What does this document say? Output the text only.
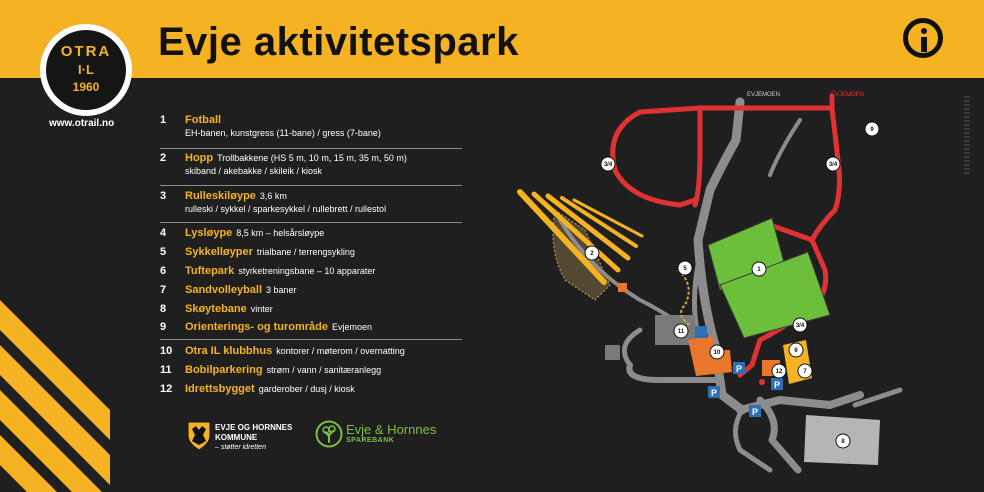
Evje aktivitetspark
OTRA
I·L
1960
www.otrail.no	1	Fotball
EH-banen, kunstgress (11-bane) / gress (7-bane)
2	Hopp Trollbakkene (HS 5 m, 10 m, 15 m, 35 m, 50 m)
skiband / akebakke / skileik / kiosk
3	Rulleskiløype 3,6 km
rulleski / sykkel / sparkesykkel / rullebrett / rullestol
4	Lysløype 8,5 km – helsårsløype
5	Sykkelløyper trialbane / terrengsykling
6	Tuftepark styrketreningsbane – 10 apparater
7	Sandvolleyball 3 baner
8	Skøytebane vinter
9	Orienterings- og turområde Evjemoen
10	Otra IL klubbhus kontorer / møterom / overnatting
11	Bobilparkering strøm / vann / sanitæranlegg
12	Idrettsbygget garderober / dusj / kiosk
EVJE OG HORNNES
KOMMUNE
– støtter idretten
Evje & Hornnes
SPAREBANK
P
P
P
P
3/4	3/4
3/4
1
2
5
6
7
8
9
10
11
12
EVJEMOEN	EVJEMOEN
